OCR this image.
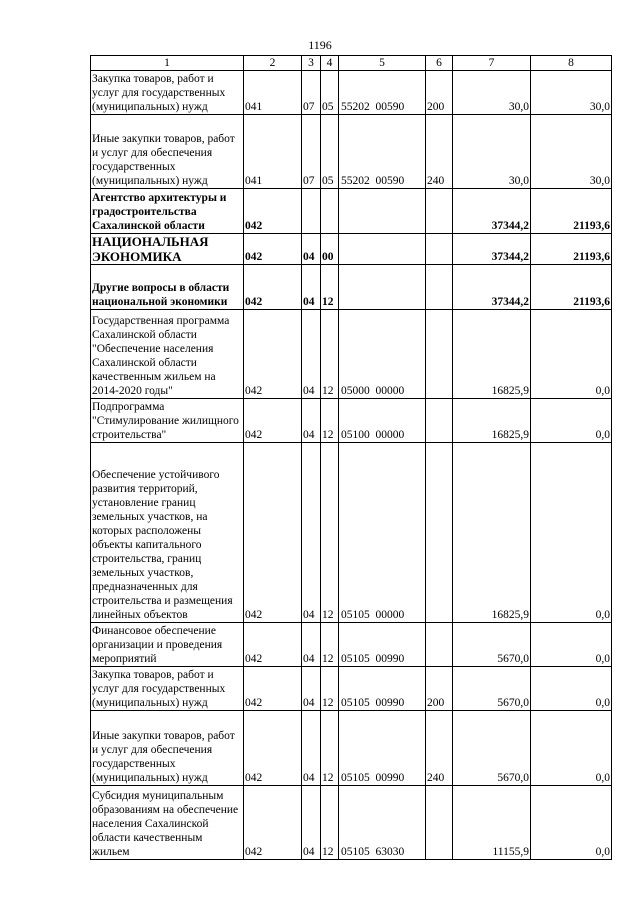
1196
1	2	3	4	5	6	7	8
Закупка товаров, работ и услуг для государственных (муниципальных) нужд	041	07	05	55202  00590	200	30,0	30,0
Иные закупки товаров, работ и услуг для обеспечения государственных (муниципальных) нужд	041	07	05	55202  00590	240	30,0	30,0
Агентство архитектуры и градостроительства Сахалинской области	042					37344,2	21193,6
НАЦИОНАЛЬНАЯ ЭКОНОМИКА	042	04	00			37344,2	21193,6
Другие вопросы в области национальной экономики	042	04	12			37344,2	21193,6
Государственная программа Сахалинской области "Обеспечение населения Сахалинской области качественным жильем на 2014-2020 годы"	042	04	12	05000  00000		16825,9	0,0
Подпрограмма "Стимулирование жилищного строительства"	042	04	12	05100  00000		16825,9	0,0
Обеспечение устойчивого развития территорий, установление границ земельных участков, на которых расположены объекты капитального строительства, границ земельных участков, предназначенных для строительства и размещения линейных объектов	042	04	12	05105  00000		16825,9	0,0
Финансовое обеспечение организации и проведения мероприятий	042	04	12	05105  00990		5670,0	0,0
Закупка товаров, работ и услуг для государственных (муниципальных) нужд	042	04	12	05105  00990	200	5670,0	0,0
Иные закупки товаров, работ и услуг для обеспечения государственных (муниципальных) нужд	042	04	12	05105  00990	240	5670,0	0,0
Субсидия муниципальным образованиям на обеспечение населения Сахалинской области качественным жильем	042	04	12	05105  63030		11155,9	0,0
